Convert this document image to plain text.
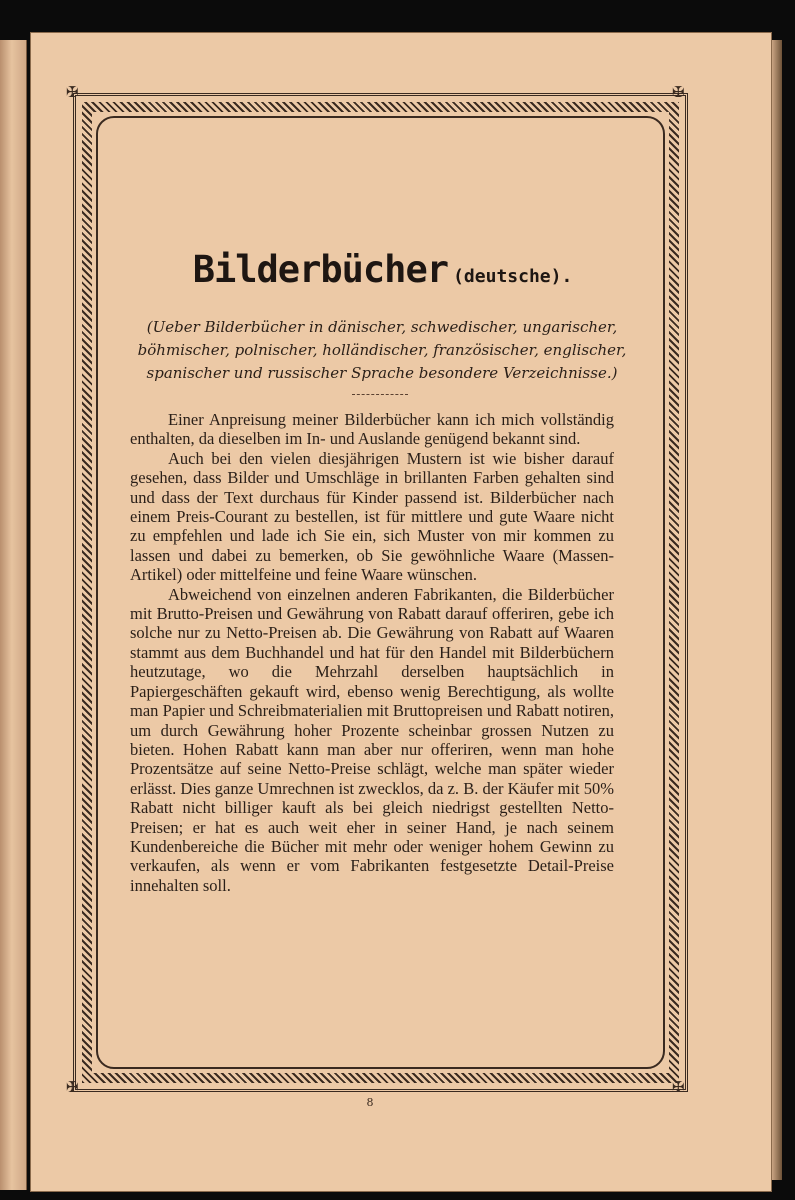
✠	✠
✠	✠
Bilderbücher (deutsche).
(Ueber Bilderbücher in dänischer, schwedischer, ungarischer, böhmischer, polnischer, holländischer, französischer, englischer, spanischer und russischer Sprache besondere Verzeichnisse.)

Einer Anpreisung meiner Bilderbücher kann ich mich vollständig enthalten, da dieselben im In- und Auslande genügend bekannt sind.

Auch bei den vielen diesjährigen Mustern ist wie bisher darauf gesehen, dass Bilder und Umschläge in brillanten Farben gehalten sind und dass der Text durchaus für Kinder passend ist. Bilderbücher nach einem Preis-Courant zu bestellen, ist für mittlere und gute Waare nicht zu empfehlen und lade ich Sie ein, sich Muster von mir kommen zu lassen und dabei zu bemerken, ob Sie gewöhnliche Waare (Massen-Artikel) oder mittelfeine und feine Waare wünschen.

Abweichend von einzelnen anderen Fabrikanten, die Bilderbücher mit Brutto-Preisen und Gewährung von Rabatt darauf offeriren, gebe ich solche nur zu Netto-Preisen ab. Die Gewährung von Rabatt auf Waaren stammt aus dem Buchhandel und hat für den Handel mit Bilderbüchern heutzutage, wo die Mehrzahl derselben hauptsächlich in Papiergeschäften gekauft wird, ebenso wenig Berechtigung, als wollte man Papier und Schreibmaterialien mit Bruttopreisen und Rabatt notiren, um durch Gewährung hoher Prozente scheinbar grossen Nutzen zu bieten. Hohen Rabatt kann man aber nur offeriren, wenn man hohe Prozentsätze auf seine Netto-Preise schlägt, welche man später wieder erlässt. Dies ganze Umrechnen ist zwecklos, da z. B. der Käufer mit 50% Rabatt nicht billiger kauft als bei gleich niedrigst gestellten Netto-Preisen; er hat es auch weit eher in seiner Hand, je nach seinem Kundenbereiche die Bücher mit mehr oder weniger hohem Gewinn zu verkaufen, als wenn er vom Fabrikanten festgesetzte Detail-Preise innehalten soll.

8
